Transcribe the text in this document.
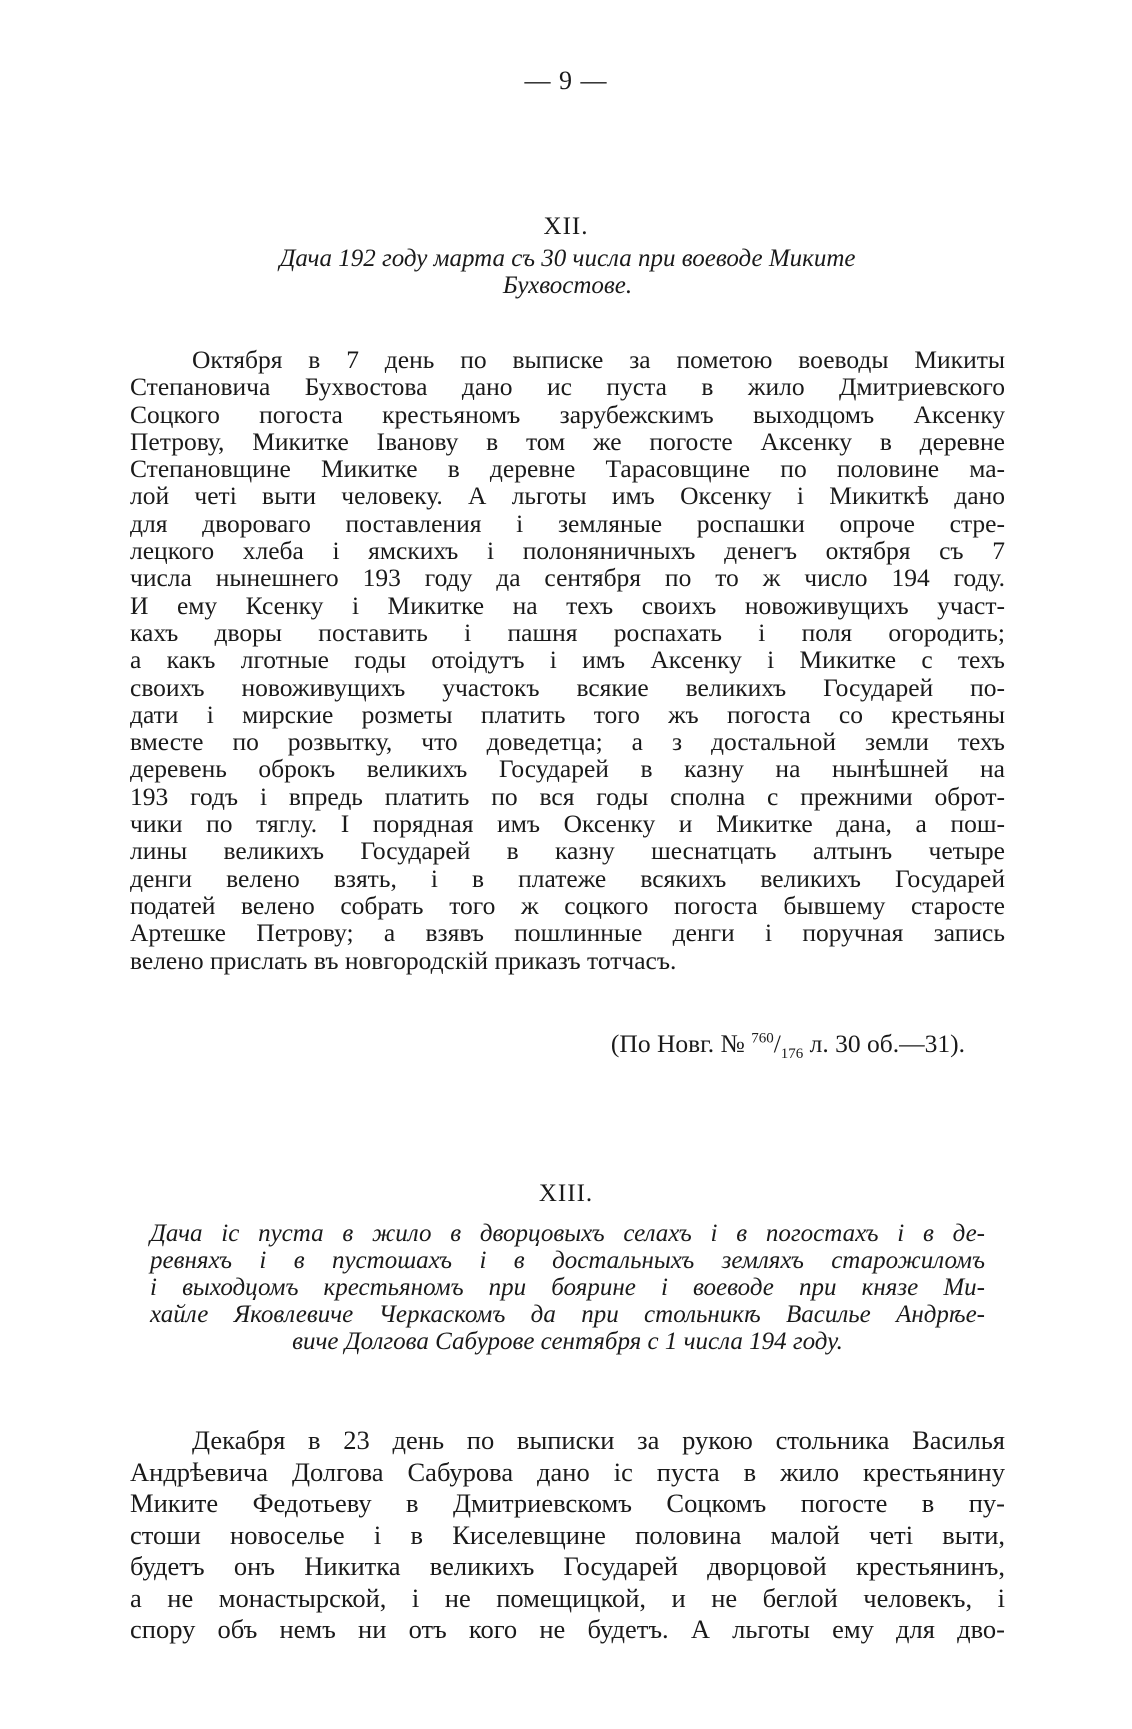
— 9 —
XII.
Дача 192 году марта съ 30 числа при воеводе Миките
Бухвостове.
Октября в 7 день по выписке за пометою воеводы Микиты
Степановича Бухвостова дано ис пуста в жило Дмитриевского
Соцкого погоста крестьяномъ зарубежскимъ выходцомъ Аксенку
Петрову, Микитке Іванову в том же погосте Аксенку в деревне
Степановщине Микитке в деревне Тарасовщине по половине ма-
лой четі выти человеку. А льготы имъ Оксенку і Микиткѣ дано
для двороваго поставления і земляные роспашки опроче стре-
лецкого хлеба і ямскихъ і полоняничныхъ денегъ октября съ 7
числа нынешнего 193 году да сентября по то ж число 194 году.
И ему Ксенку і Микитке на техъ своихъ новоживущихъ участ-
кахъ дворы поставить і пашня роспахать і поля огородить;
а какъ лготные годы отоідутъ і имъ Аксенку і Микитке с техъ
своихъ новоживущихъ участокъ всякие великихъ Государей по-
дати і мирские розметы платить того жъ погоста со крестьяны
вместе по розвытку, что доведетца; а з достальной земли техъ
деревень оброкъ великихъ Государей в казну на нынѣшней на
193 годъ і впредь платить по вся годы сполна с прежними оброт-
чики по тяглу. І порядная имъ Оксенку и Микитке дана, а пош-
лины великихъ Государей в казну шеснатцать алтынъ четыре
денги велено взять, і в платеже всякихъ великихъ Государей
податей велено собрать того ж соцкого погоста бывшему старосте
Артешке Петрову; а взявъ пошлинные денги і поручная запись
велено прислать въ новгородскій приказъ тотчасъ.
(По Новг. № $^{760}/_{176}$ л. 30 об.—31).
XIII.
Дача іс пуста в жило в дворцовыхъ селахъ і в погостахъ і в де-
ревняхъ і в пустошахъ і в достальныхъ земляхъ старожиломъ
і выходцомъ крестьяномъ при боярине і воеводе при князе Ми-
хайле Яковлевиче Черкаскомъ да при стольникѣ Василье Андрѣе-
виче Долгова Сабурове сентября с 1 числа 194 году.
Декабря в 23 день по выписки за рукою стольника Василья
Андрѣевича Долгова Сабурова дано іс пуста в жило крестьянину
Миките Федотьеву в Дмитриевскомъ Соцкомъ погосте в пу-
стоши новоселье і в Киселевщине половина малой четі выти,
будетъ онъ Никитка великихъ Государей дворцовой крестьянинъ,
а не монастырской, і не помещицкой, и не беглой человекъ, і
спору объ немъ ни отъ кого не будетъ. А льготы ему для дво-
